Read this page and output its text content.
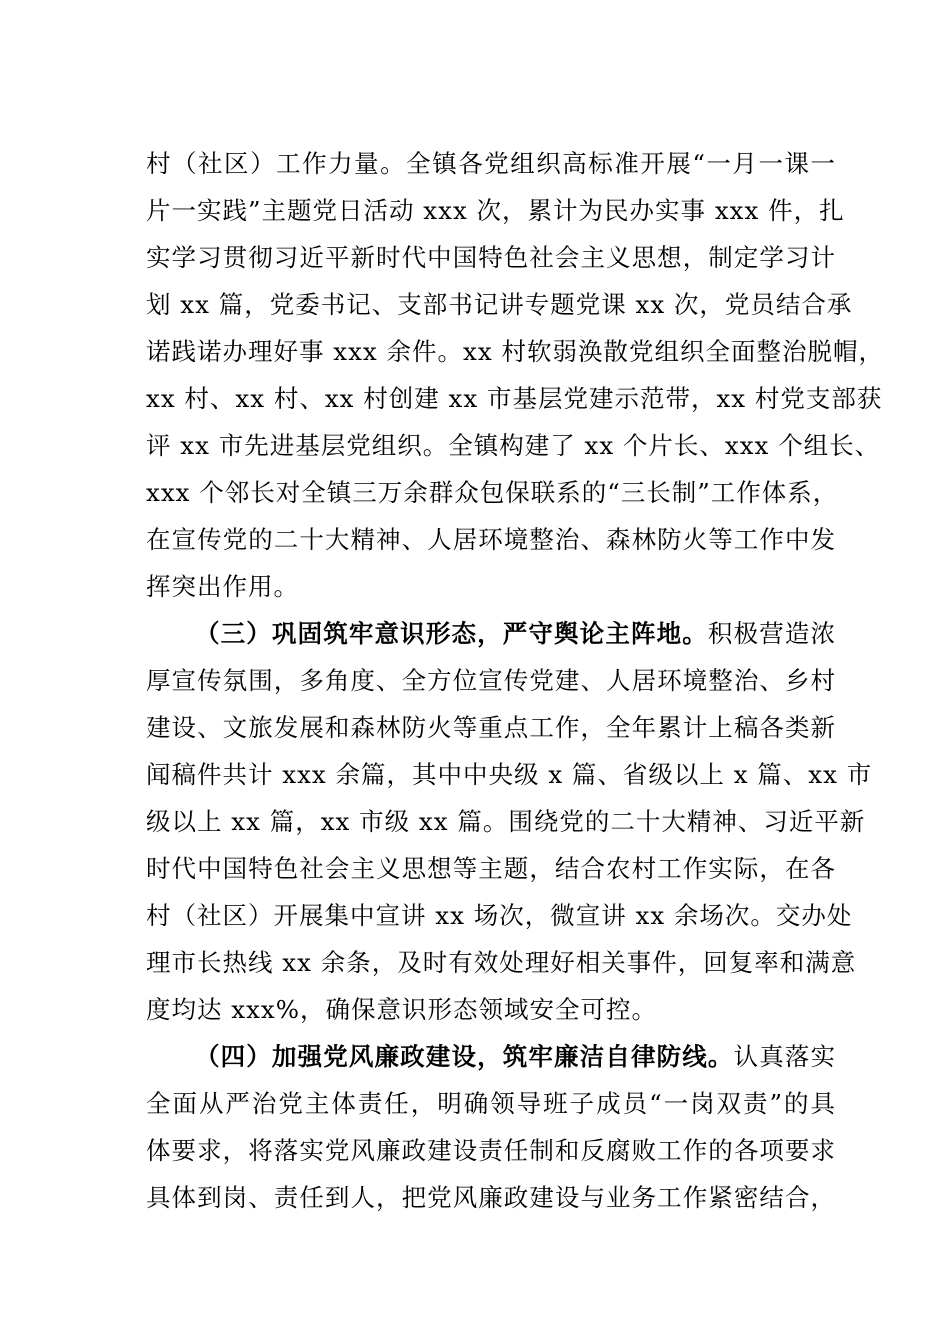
村（社区）工作力量。全镇各党组织高标准开展“一月一课一
片一实践”主题党日活动 xxx 次，累计为民办实事 xxx 件，扎
实学习贯彻习近平新时代中国特色社会主义思想，制定学习计
划 xx 篇，党委书记、支部书记讲专题党课 xx 次，党员结合承
诺践诺办理好事 xxx 余件。xx 村软弱涣散党组织全面整治脱帽，
xx 村、xx 村、xx 村创建 xx 市基层党建示范带，xx 村党支部获
评 xx 市先进基层党组织。全镇构建了 xx 个片长、xxx 个组长、
xxx 个邻长对全镇三万余群众包保联系的“三长制”工作体系，
在宣传党的二十大精神、人居环境整治、森林防火等工作中发
挥突出作用。
（三）巩固筑牢意识形态，严守舆论主阵地。积极营造浓
厚宣传氛围，多角度、全方位宣传党建、人居环境整治、乡村
建设、文旅发展和森林防火等重点工作，全年累计上稿各类新
闻稿件共计 xxx 余篇，其中中央级 x 篇、省级以上 x 篇、xx 市
级以上 xx 篇，xx 市级 xx 篇。围绕党的二十大精神、习近平新
时代中国特色社会主义思想等主题，结合农村工作实际，在各
村（社区）开展集中宣讲 xx 场次，微宣讲 xx 余场次。交办处
理市长热线 xx 余条，及时有效处理好相关事件，回复率和满意
度均达 xxx%，确保意识形态领域安全可控。
（四）加强党风廉政建设，筑牢廉洁自律防线。认真落实
全面从严治党主体责任，明确领导班子成员“一岗双责”的具
体要求，将落实党风廉政建设责任制和反腐败工作的各项要求
具体到岗、责任到人，把党风廉政建设与业务工作紧密结合，
